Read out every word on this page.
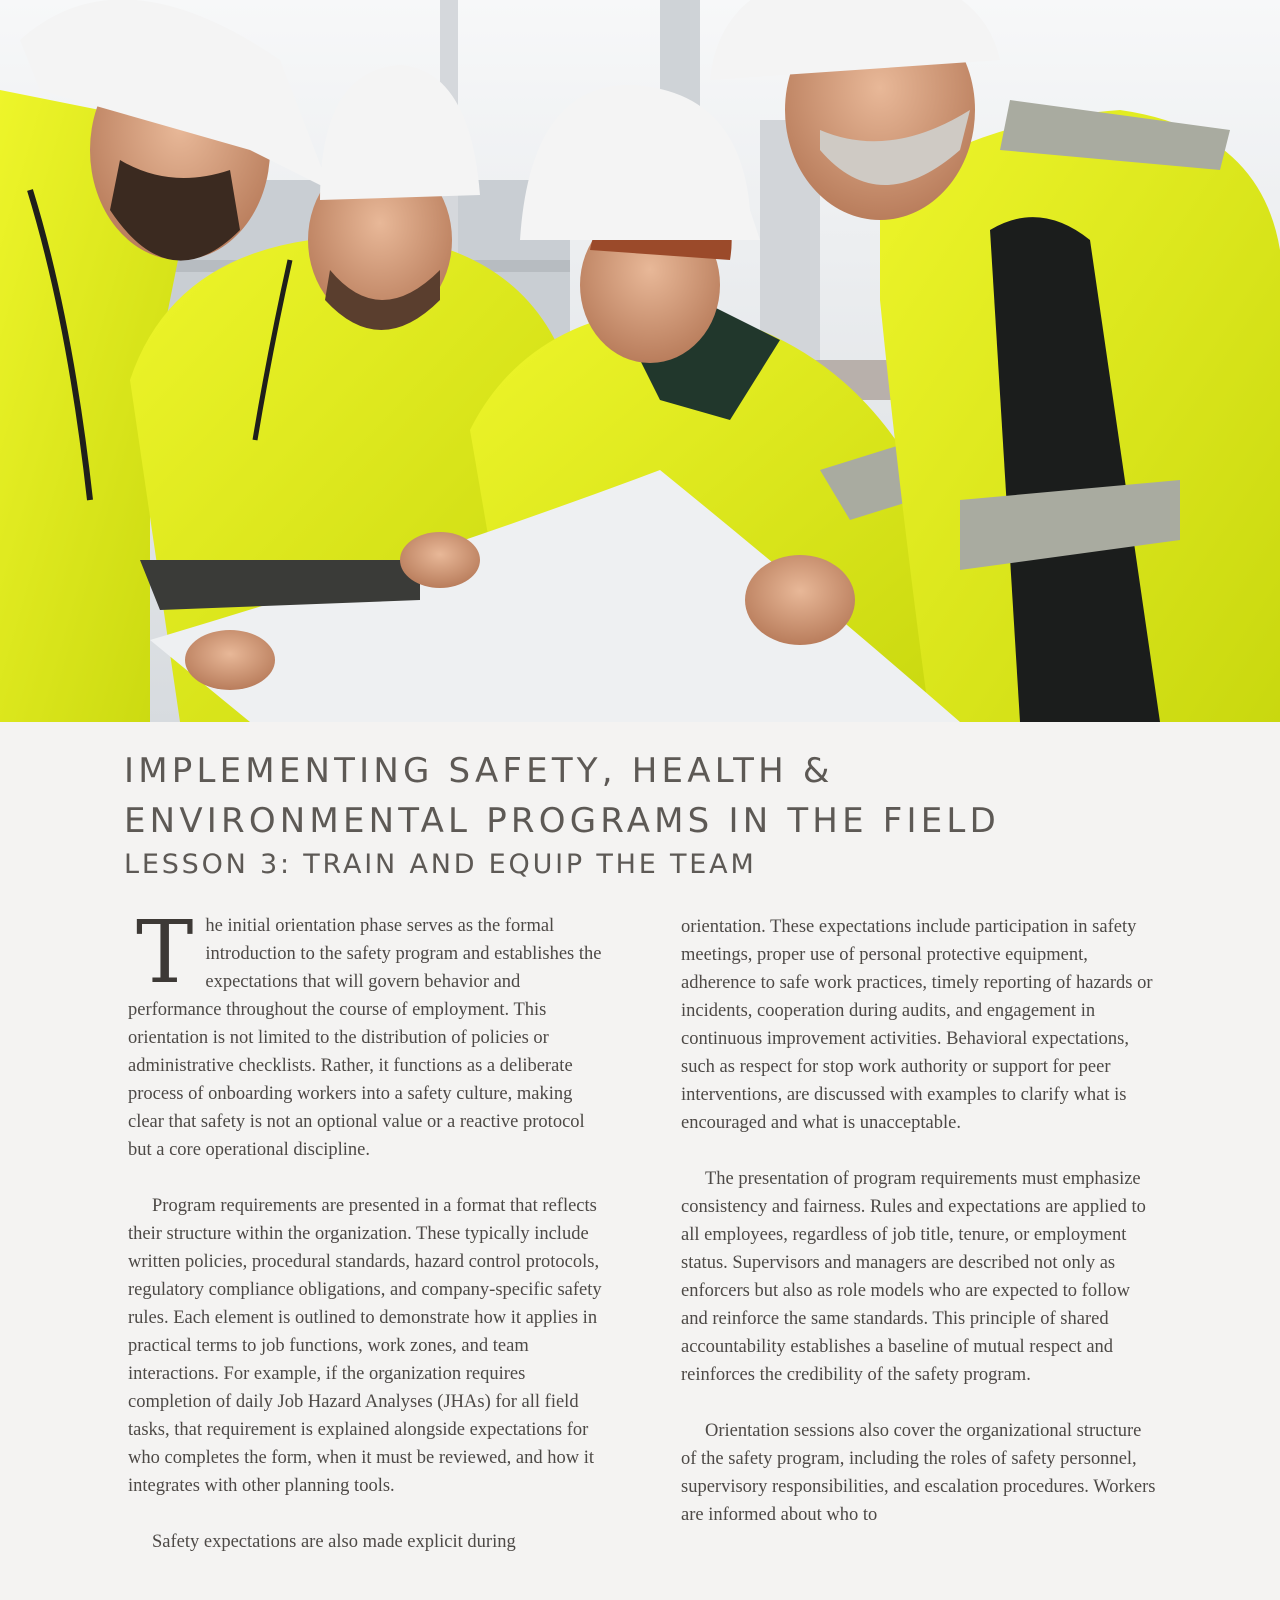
IMPLEMENTING SAFETY, HEALTH & ENVIRONMENTAL PROGRAMS IN THE FIELD
LESSON 3: TRAIN AND EQUIP THE TEAM

The initial orientation phase serves as the formal introduction to the safety program and establishes the expectations that will govern behavior and performance throughout the course of employment. This orientation is not limited to the distribution of policies or administrative checklists. Rather, it functions as a deliberate process of onboarding workers into a safety culture, making clear that safety is not an optional value or a reactive protocol but a core operational discipline.

Program requirements are presented in a format that reflects their structure within the organization. These typically include written policies, procedural standards, hazard control protocols, regulatory compliance obligations, and company-specific safety rules. Each element is outlined to demonstrate how it applies in practical terms to job functions, work zones, and team interactions. For example, if the organization requires completion of daily Job Hazard Analyses (JHAs) for all field tasks, that requirement is explained alongside expectations for who completes the form, when it must be reviewed, and how it integrates with other planning tools.

Safety expectations are also made explicit during

orientation. These expectations include participation in safety meetings, proper use of personal protective equipment, adherence to safe work practices, timely reporting of hazards or incidents, cooperation during audits, and engagement in continuous improvement activities. Behavioral expectations, such as respect for stop work authority or support for peer interventions, are discussed with examples to clarify what is encouraged and what is unacceptable.

The presentation of program requirements must emphasize consistency and fairness. Rules and expectations are applied to all employees, regardless of job title, tenure, or employment status. Supervisors and managers are described not only as enforcers but also as role models who are expected to follow and reinforce the same standards. This principle of shared accountability establishes a baseline of mutual respect and reinforces the credibility of the safety program.

Orientation sessions also cover the organizational structure of the safety program, including the roles of safety personnel, supervisory responsibilities, and escalation procedures. Workers are informed about who to
